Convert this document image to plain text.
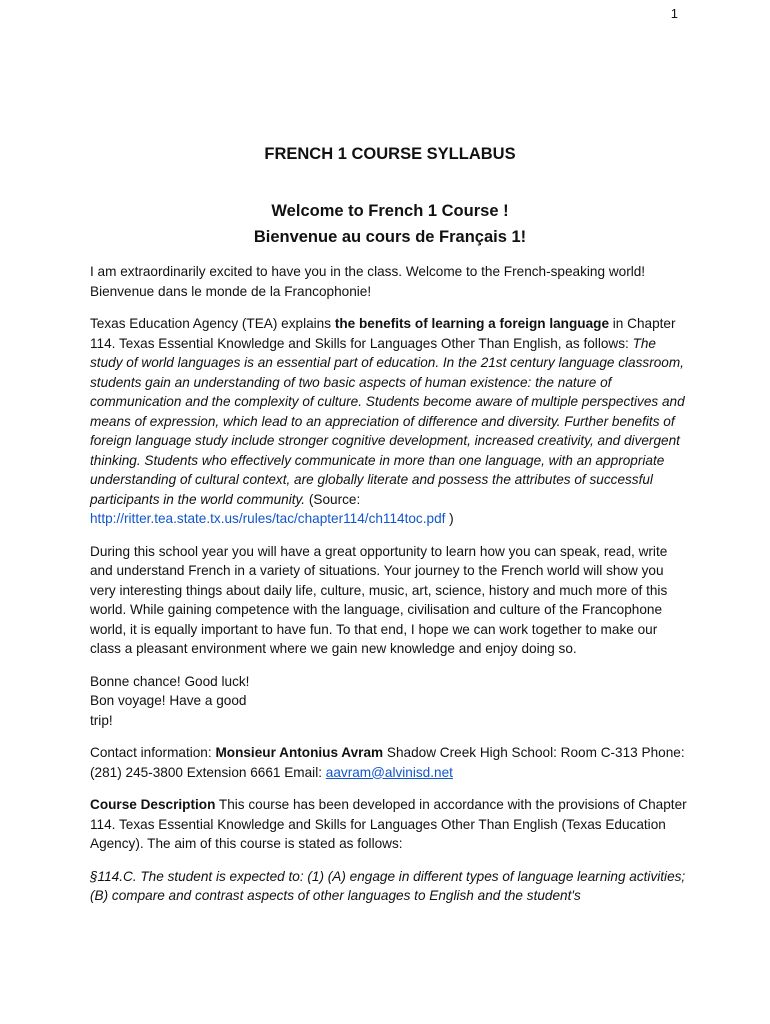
1
FRENCH 1 COURSE SYLLABUS
Welcome to French 1 Course !
Bienvenue au cours de Français 1!

I am extraordinarily excited to have you in the class. Welcome to the French-speaking world!
Bienvenue dans le monde de la Francophonie!

Texas Education Agency (TEA) explains the benefits of learning a foreign language in Chapter 114. Texas Essential Knowledge and Skills for Languages Other Than English, as follows: The study of world languages is an essential part of education. In the 21st century language classroom, students gain an understanding of two basic aspects of human existence: the nature of communication and the complexity of culture. Students become aware of multiple perspectives and means of expression, which lead to an appreciation of difference and diversity. Further benefits of foreign language study include stronger cognitive development, increased creativity, and divergent thinking. Students who effectively communicate in more than one language, with an appropriate understanding of cultural context, are globally literate and possess the attributes of successful participants in the world community. (Source:
http://ritter.tea.state.tx.us/rules/tac/chapter114/ch114toc.pdf )

During this school year you will have a great opportunity to learn how you can speak, read, write and understand French in a variety of situations. Your journey to the French world will show you very interesting things about daily life, culture, music, art, science, history and much more of this world. While gaining competence with the language, civilisation and culture of the Francophone world, it is equally important to have fun. To that end, I hope we can work together to make our class a pleasant environment where we gain new knowledge and enjoy doing so.

Bonne chance! Good luck!
Bon voyage! Have a good
trip!

Contact information: Monsieur Antonius Avram Shadow Creek High School: Room C-313 Phone: (281) 245-3800 Extension 6661 Email: aavram@alvinisd.net

Course Description This course has been developed in accordance with the provisions of Chapter 114. Texas Essential Knowledge and Skills for Languages Other Than English (Texas Education Agency). The aim of this course is stated as follows:

§114.C. The student is expected to: (1) (A) engage in different types of language learning activities; (B) compare and contrast aspects of other languages to English and the student's
